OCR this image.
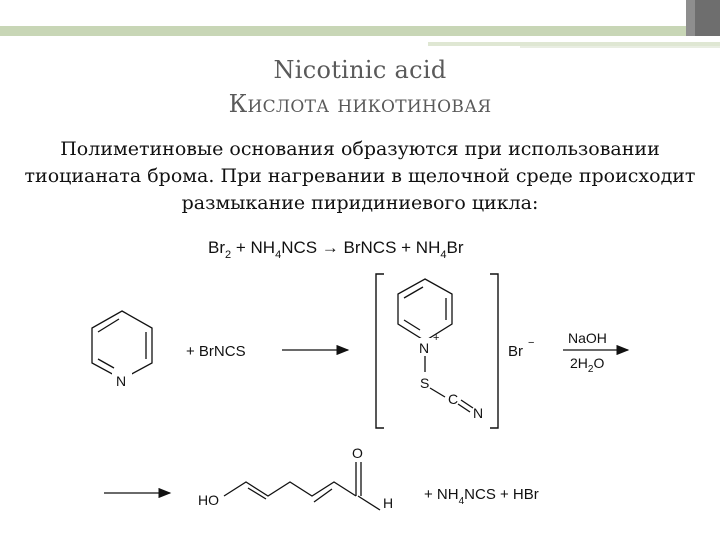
Nicotinic acid
Кислота никотиновая
Полиметиновые основания образуются при использовании
тиоцианата брома. При нагревании в щелочной среде происходит
размыкание пиридиниевого цикла:
$Br_2 + NH_4NCS$ → BrNCS + $NH_4Br$
N
+ BrNCS	N
+
S
C
N
Br − NaOH
$2H_2O$
HO
O
$H + NH_4NCS$ + HBr
